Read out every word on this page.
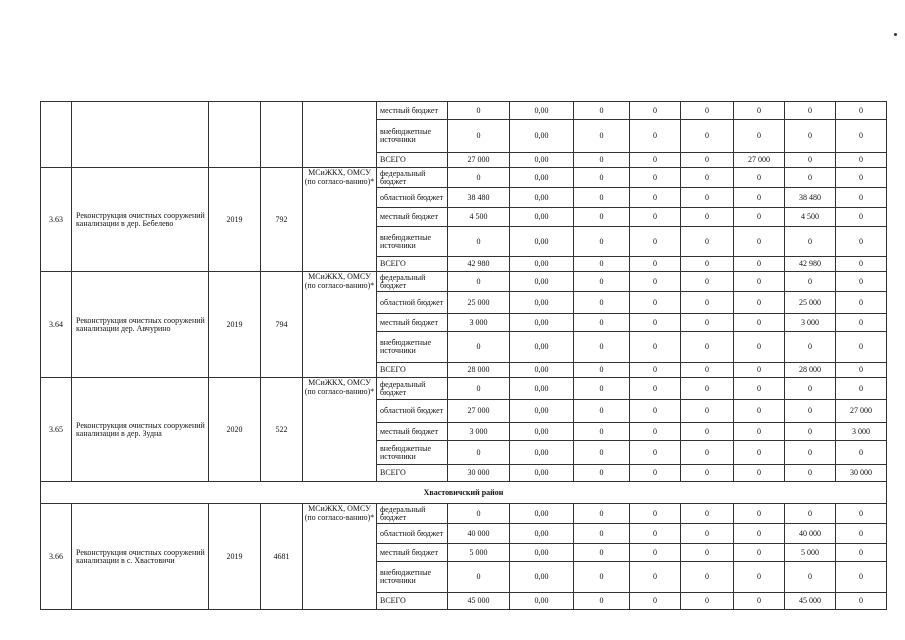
					местный бюджет	0	0,00	0	0	0	0	0	0
					внебюджетные источники	0	0,00	0	0	0	0	0	0
					ВСЕГО	27 000	0,00	0	0	0	27 000	0	0
3.63	Реконструкция очистных сооружений канализации в дер. Бебелево	2019	792	МСиЖКХ, ОМСУ (по согласо-ванию)*	федеральный бюджет	0	0,00	0	0	0	0	0	0
					областной бюджет	38 480	0,00	0	0	0	0	38 480	0
					местный бюджет	4 500	0,00	0	0	0	0	4 500	0
					внебюджетные источники	0	0,00	0	0	0	0	0	0
					ВСЕГО	42 980	0,00	0	0	0	0	42 980	0
3.64	Реконструкция очистных сооружений канализации дер. Авчурино	2019	794	МСиЖКХ, ОМСУ (по согласо-ванию)*	федеральный бюджет	0	0,00	0	0	0	0	0	0
					областной бюджет	25 000	0,00	0	0	0	0	25 000	0
					местный бюджет	3 000	0,00	0	0	0	0	3 000	0
					внебюджетные источники	0	0,00	0	0	0	0	0	0
					ВСЕГО	28 000	0,00	0	0	0	0	28 000	0
3.65	Реконструкция очистных сооружений канализации в дер. Зудна	2020	522	МСиЖКХ, ОМСУ (по согласо-ванию)*	федеральный бюджет	0	0,00	0	0	0	0	0	0
					областной бюджет	27 000	0,00	0	0	0	0	0	27 000
					местный бюджет	3 000	0,00	0	0	0	0	0	3 000
					внебюджетные источники	0	0,00	0	0	0	0	0	0
					ВСЕГО	30 000	0,00	0	0	0	0	0	30 000
Хвастовичский район													
3.66	Реконструкция очистных сооружений канализации в с. Хвастовичи	2019	4681	МСиЖКХ, ОМСУ (по согласо-ванию)*	федеральный бюджет	0	0,00	0	0	0	0	0	0
					областной бюджет	40 000	0,00	0	0	0	0	40 000	0
					местный бюджет	5 000	0,00	0	0	0	0	5 000	0
					внебюджетные источники	0	0,00	0	0	0	0	0	0
					ВСЕГО	45 000	0,00	0	0	0	0	45 000	0
